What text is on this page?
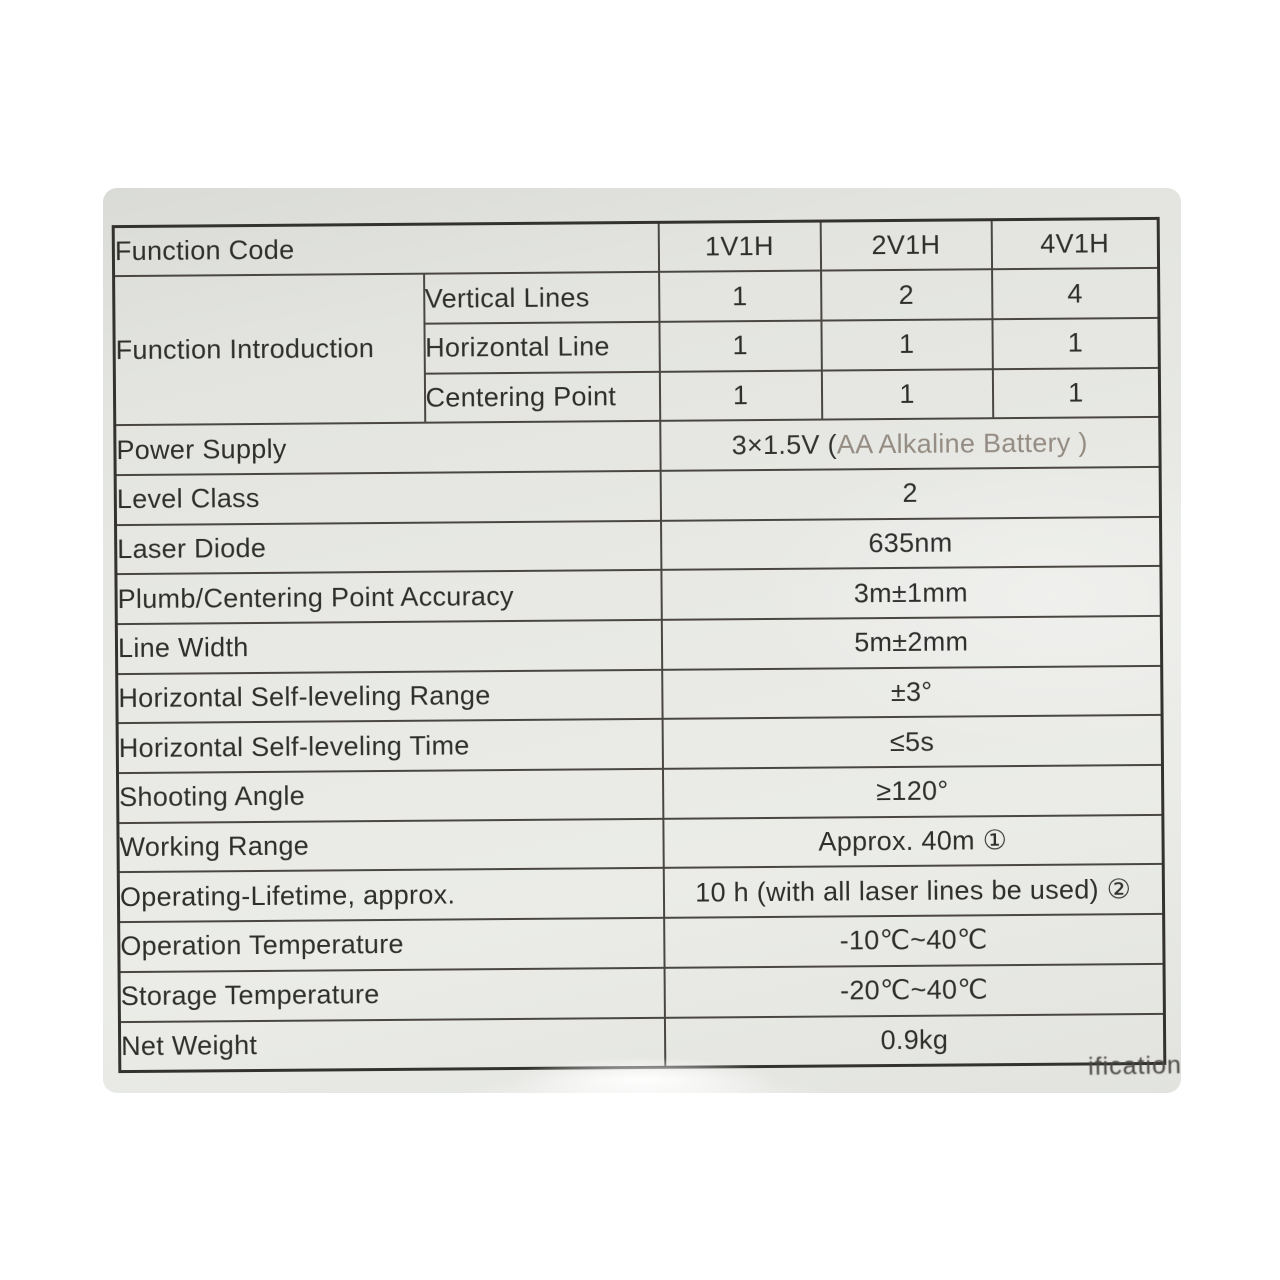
Function Code		1V1H	2V1H	4V1H
Function Introduction	Vertical Lines	1	2	4
	Horizontal Line	1	1	1
	Centering Point	1	1	1
Power Supply		3×1.5V (AA Alkaline Battery )		
Level Class		2		
Laser Diode		635nm		
Plumb/Centering Point Accuracy		3m±1mm		
Line Width		5m±2mm		
Horizontal Self-leveling Range		±3°		
Horizontal Self-leveling Time		≤5s		
Shooting Angle		≥120°		
Working Range		Approx. 40m ①		
Operating-Lifetime, approx.		10 h (with all laser lines be used) ②		
Operation Temperature		-10℃~40℃		
Storage Temperature		-20℃~40℃		
Net Weight		0.9kg		
ification
